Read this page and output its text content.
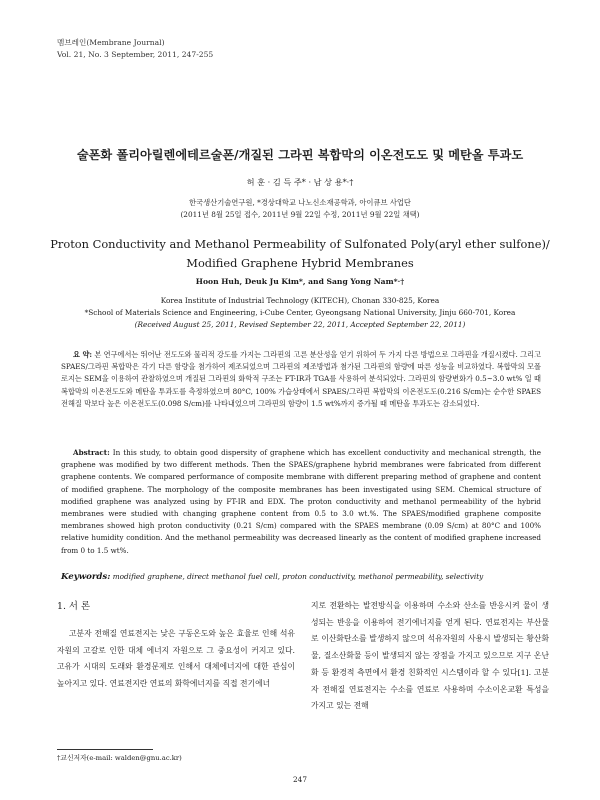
멤브레인(Membrane Journal)
Vol. 21, No. 3 September, 2011, 247-255
술폰화 폴리아릴렌에테르술폰/개질된 그라핀 복합막의 이온전도도 및 메탄올 투과도
허 훈 · 김 득 주* · 남 상 용*·†
한국생산기술연구원, *경상대학교 나노신소재공학과, 아이큐브 사업단
(2011년 8월 25일 접수, 2011년 9월 22일 수정, 2011년 9월 22일 채택)
Proton Conductivity and Methanol Permeability of Sulfonated Poly(aryl ether sulfone)/
Modified Graphene Hybrid Membranes
Hoon Huh, Deuk Ju Kim*, and Sang Yong Nam*·†
Korea Institute of Industrial Technology (KITECH), Chonan 330-825, Korea
*School of Materials Science and Engineering, i-Cube Center, Gyeongsang National University, Jinju 660-701, Korea
(Received August 25, 2011, Revised September 22, 2011, Accepted September 22, 2011)

요 약: 본 연구에서는 뛰어난 전도도와 물리적 강도를 가지는 그라핀의 고른 분산성을 얻기 위하여 두 가지 다른 방법으로 그라핀을 개질시켰다. 그리고 SPAES/그라핀 복합막은 각기 다른 함량을 첨가하여 제조되었으며 그라핀의 제조방법과 첨가된 그라핀의 함량에 따른 성능을 비교하였다. 복합막의 모폴로지는 SEM을 이용하여 관찰하였으며 개질된 그라핀의 화학적 구조는 FT-IR과 TGA를 사용하여 분석되었다. 그라핀의 함량변화가 0.5~3.0 wt% 일 때 복합막의 이온전도도와 메탄올 투과도를 측정하였으며 80°C, 100% 가습상태에서 SPAES/그라핀 복합막의 이온전도도(0.216 S/cm)는 순수한 SPAES 전해질 막보다 높은 이온전도도(0.098 S/cm)를 나타내었으며 그라핀의 함량이 1.5 wt%까지 증가될 때 메탄올 투과도는 감소되었다.

Abstract: In this study, to obtain good dispersity of graphene which has excellent conductivity and mechanical strength, the graphene was modified by two different methods. Then the SPAES/graphene hybrid membranes were fabricated from different graphene contents. We compared performance of composite membrane with different preparing method of graphene and content of modified graphene. The morphology of the composite membranes has been investigated using SEM. Chemical structure of modified graphene was analyzed using by FT-IR and EDX. The proton conductivity and methanol permeability of the hybrid membranes were studied with changing graphene content from 0.5 to 3.0 wt.%. The SPAES/modified graphene composite membranes showed high proton conductivity (0.21 S/cm) compared with the SPAES membrane (0.09 S/cm) at 80°C and 100% relative humidity condition. And the methanol permeability was decreased linearly as the content of modified graphene increased from 0 to 1.5 wt%.

Keywords: modified graphene, direct methanol fuel cell, proton conductivity, methanol permeability, selectivity
1. 서 론

고분자 전해질 연료전지는 낮은 구동온도와 높은 효율로 인해 석유자원의 고갈로 인한 대체 에너지 자원으로 그 중요성이 커지고 있다. 고유가 시대의 도래와 환경문제로 인해서 대체에너지에 대한 관심이 높아지고 있다. 연료전지란 연료의 화학에너지를 직접 전기에너

지로 전환하는 발전방식을 이용하며 수소와 산소를 반응시켜 물이 생성되는 반응을 이용하여 전기에너지를 얻게 된다. 연료전지는 부산물로 이산화탄소를 발생하지 않으며 석유자원의 사용시 발생되는 황산화물, 질소산화물 등이 발생되지 않는 장점을 가지고 있으므로 지구 온난화 등 환경적 측면에서 환경 친화적인 시스템이라 할 수 있다[1]. 고분자 전해질 연료전지는 수소를 연료로 사용하며 수소이온교환 특성을 가지고 있는 전해

†교신저자(e-mail: walden@gnu.ac.kr)
247
